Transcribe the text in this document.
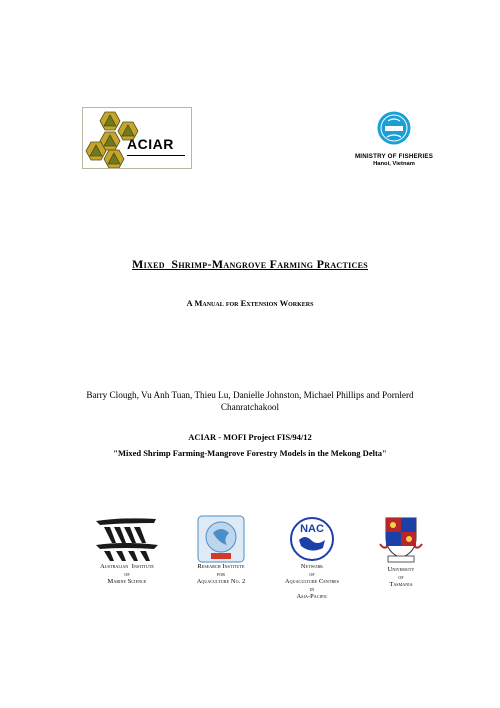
ACIAR
MINISTRY OF FISHERIES
Hanoi, Vietnam
Mixed  Shrimp-Mangrove Farming Practices
A Manual for Extension Workers
Barry Clough, Vu Anh Tuan, Thieu Lu, Danielle Johnston, Michael Phillips and Pornlerd Chanratchakool
ACIAR - MOFI Project FIS/94/12
"Mixed Shrimp Farming-Mangrove Forestry Models in the Mekong Delta"
Australian  Institute
of
Marine Science
Research Institute
for
Aquaculture No. 2
NAC
Network
of
Aquaculture Centres
in
Asia-Pacific
University
of
Tasmania
